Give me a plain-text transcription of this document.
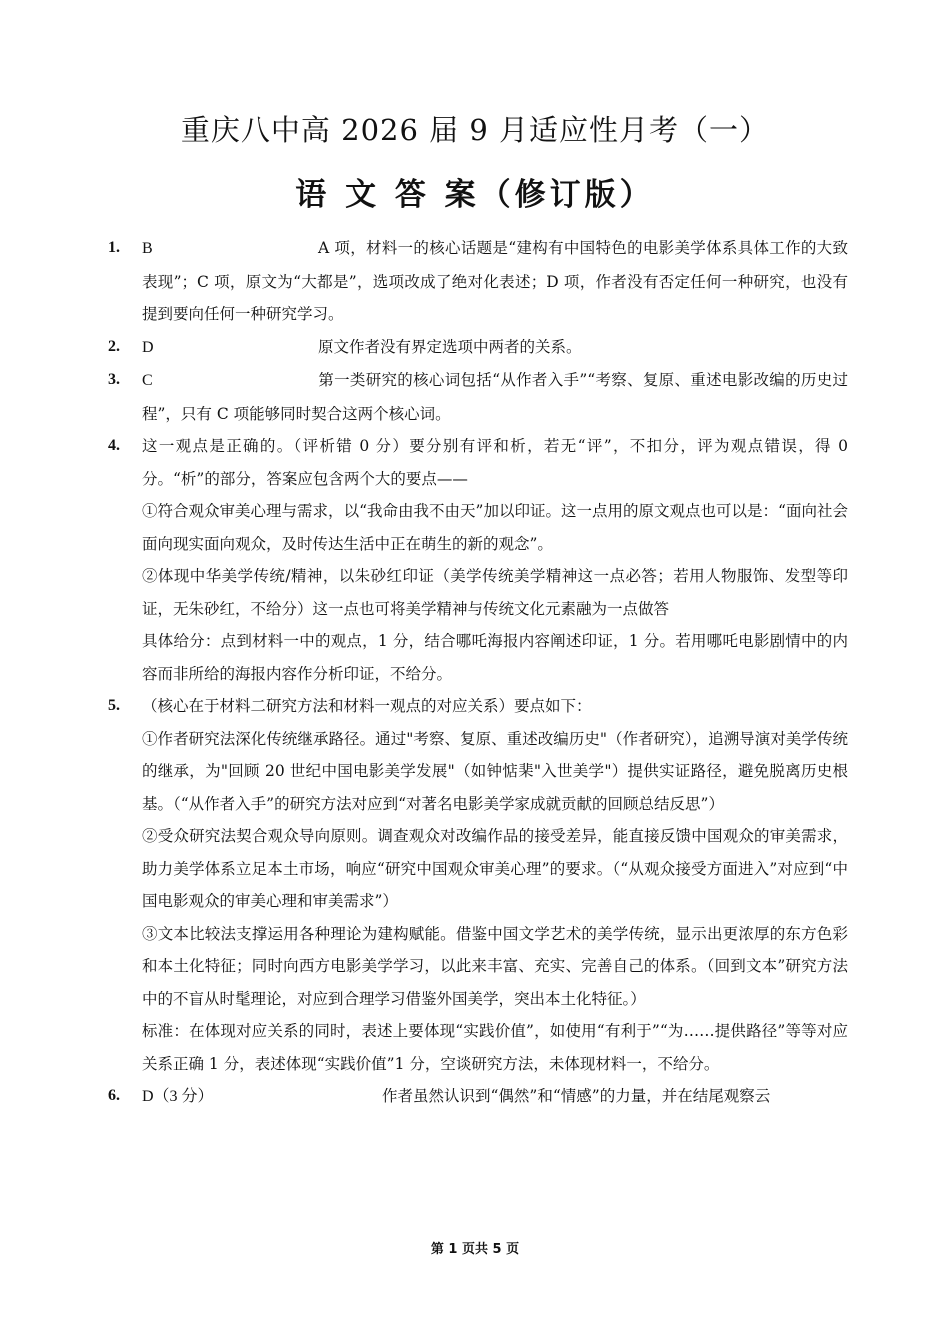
重庆八中高 2026 届 9 月适应性月考（一）
语 文 答 案（修订版）
1. B	A 项，材料一的核心话题是“建构有中国特色的电影美学体系具体工作的大致表现”；C 项，原文为“大都是”，选项改成了绝对化表述；D 项，作者没有否定任何一种研究，也没有提到要向任何一种研究学习。

2. D	原文作者没有界定选项中两者的关系。

3. C	第一类研究的核心词包括“从作者入手”“考察、复原、重述电影改编的历史过程”，只有 C 项能够同时契合这两个核心词。

4. 这一观点是正确的。（评析错 0 分）要分别有评和析，若无“评”，不扣分，评为观点错误，得 0 分。“析”的部分，答案应包含两个大的要点——

①符合观众审美心理与需求，以“我命由我不由天”加以印证。这一点用的原文观点也可以是：“面向社会面向现实面向观众，及时传达生活中正在萌生的新的观念”。

②体现中华美学传统/精神，以朱砂红印证（美学传统美学精神这一点必答；若用人物服饰、发型等印证，无朱砂红，不给分）这一点也可将美学精神与传统文化元素融为一点做答

具体给分：点到材料一中的观点，1 分，结合哪吒海报内容阐述印证，1 分。若用哪吒电影剧情中的内容而非所给的海报内容作分析印证，不给分。

5. （核心在于材料二研究方法和材料一观点的对应关系）要点如下：

①作者研究法深化传统继承路径。通过"考察、复原、重述改编历史"（作者研究），追溯导演对美学传统的继承，为"回顾 20 世纪中国电影美学发展"（如钟惦棐"入世美学"）提供实证路径，避免脱离历史根基。（“从作者入手”的研究方法对应到“对著名电影美学家成就贡献的回顾总结反思”）

②受众研究法契合观众导向原则。调查观众对改编作品的接受差异，能直接反馈中国观众的审美需求，助力美学体系立足本土市场，响应“研究中国观众审美心理”的要求。（“从观众接受方面进入”对应到“中国电影观众的审美心理和审美需求”）

③文本比较法支撑运用各种理论为建构赋能。借鉴中国文学艺术的美学传统，显示出更浓厚的东方色彩和本土化特征；同时向西方电影美学学习，以此来丰富、充实、完善自己的体系。（回到文本”研究方法中的不盲从时髦理论，对应到合理学习借鉴外国美学，突出本土化特征。）

标准：在体现对应关系的同时，表述上要体现“实践价值”，如使用“有利于”“为……提供路径”等等对应关系正确 1 分，表述体现“实践价值”1 分，空谈研究方法，未体现材料一，不给分。

6. D（3 分）	作者虽然认识到“偶然”和“情感”的力量，并在结尾观察云

第 1 页共 5 页
